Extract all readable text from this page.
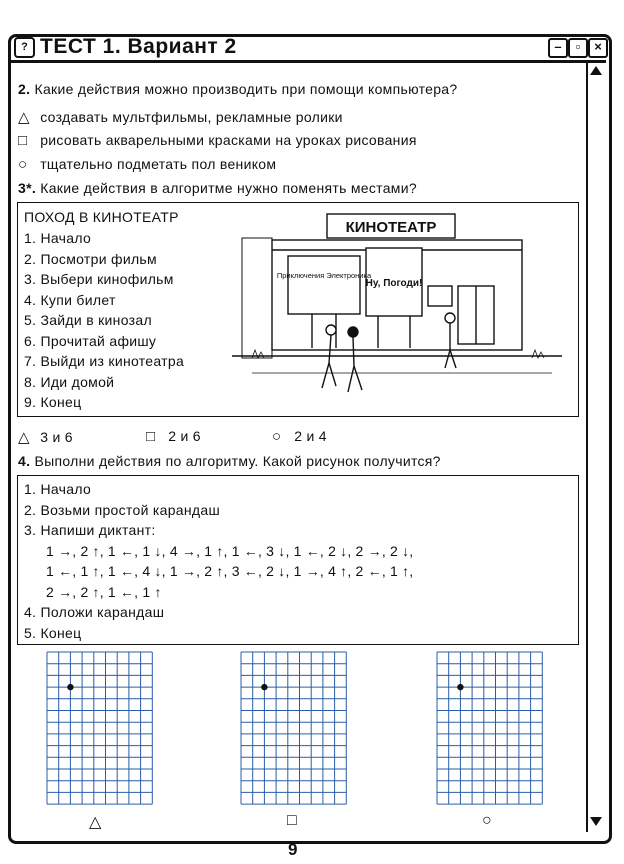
? ТЕСТ 1. Вариант 2	–	▫	×
2. Какие действия можно производить при помощи компьютера?
△ создавать мультфильмы, рекламные ролики
□ рисовать акварельными красками на уроках рисования
○ тщательно подметать пол веником
3*. Какие действия в алгоритме нужно поменять местами?
ПОХОД В КИНОТЕАТР
1. Начало
2. Посмотри фильм
3. Выбери кинофильм
4. Купи билет
5. Зайди в кинозал
6. Прочитай афишу
7. Выйди из кинотеатра
8. Иди домой
9. Конец
КИНОТЕАТР
Приключения Электроника
Ну, Погоди!
△ 3 и 6	□ 2 и 6	○ 2 и 4
4. Выполни действия по алгоритму. Какой рисунок получится?
1. Начало
2. Возьми простой карандаш
3. Напиши диктант:
1 →, 2 ↑, 1 ←, 1 ↓, 4 →, 1 ↑, 1 ←, 3 ↓, 1 ←, 2 ↓, 2 →, 2 ↓,
1 ←, 1 ↑, 1 ←, 4 ↓, 1 →, 2 ↑, 3 ←, 2 ↓, 1 →, 4 ↑, 2 ←, 1 ↑,
2 →, 2 ↑, 1 ←, 1 ↑
4. Положи карандаш
5. Конец
△	□	○
9
